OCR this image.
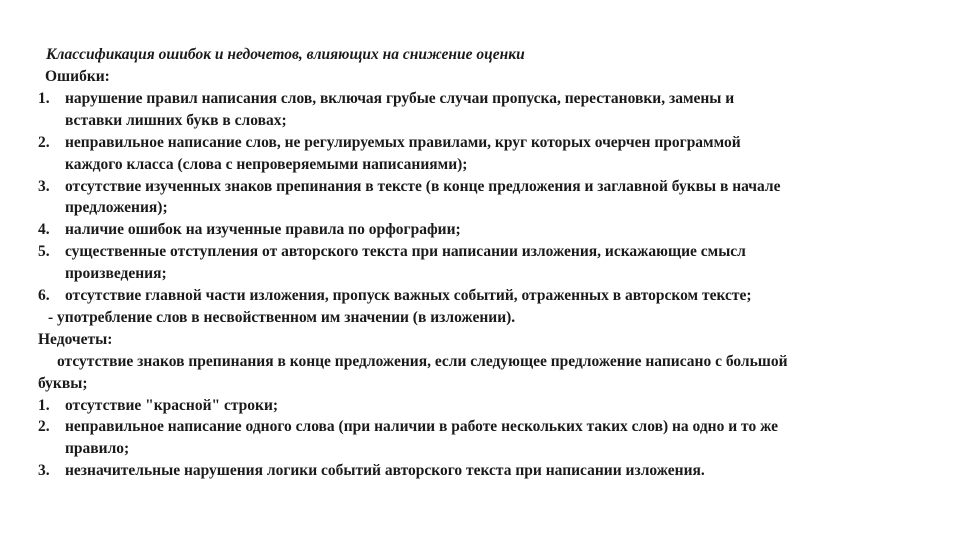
Классификация ошибок и недочетов, влияющих на снижение оценки
Ошибки:
1. нарушение правил написания слов, включая грубые случаи пропуска, перестановки, замены и
вставки лишних букв в словах;
2. неправильное написание слов, не регулируемых правилами, круг которых очерчен программой
каждого класса (слова с непроверяемыми написаниями);
3. отсутствие изученных знаков препинания в тексте (в конце предложения и заглавной буквы в начале
предложения);
4. наличие ошибок на изученные правила по орфографии;
5. существенные отступления от авторского текста при написании изложения, искажающие смысл
произведения;
6. отсутствие главной части изложения, пропуск важных событий, отраженных в авторском тексте;
- употребление слов в несвойственном им значении (в изложении).
Недочеты:
отсутствие знаков препинания в конце предложения, если следующее предложение написано с большой
буквы;
1. отсутствие "красной" строки;
2. неправильное написание одного слова (при наличии в работе нескольких таких слов) на одно и то же
правило;
3. незначительные нарушения логики событий авторского текста при написании изложения.
